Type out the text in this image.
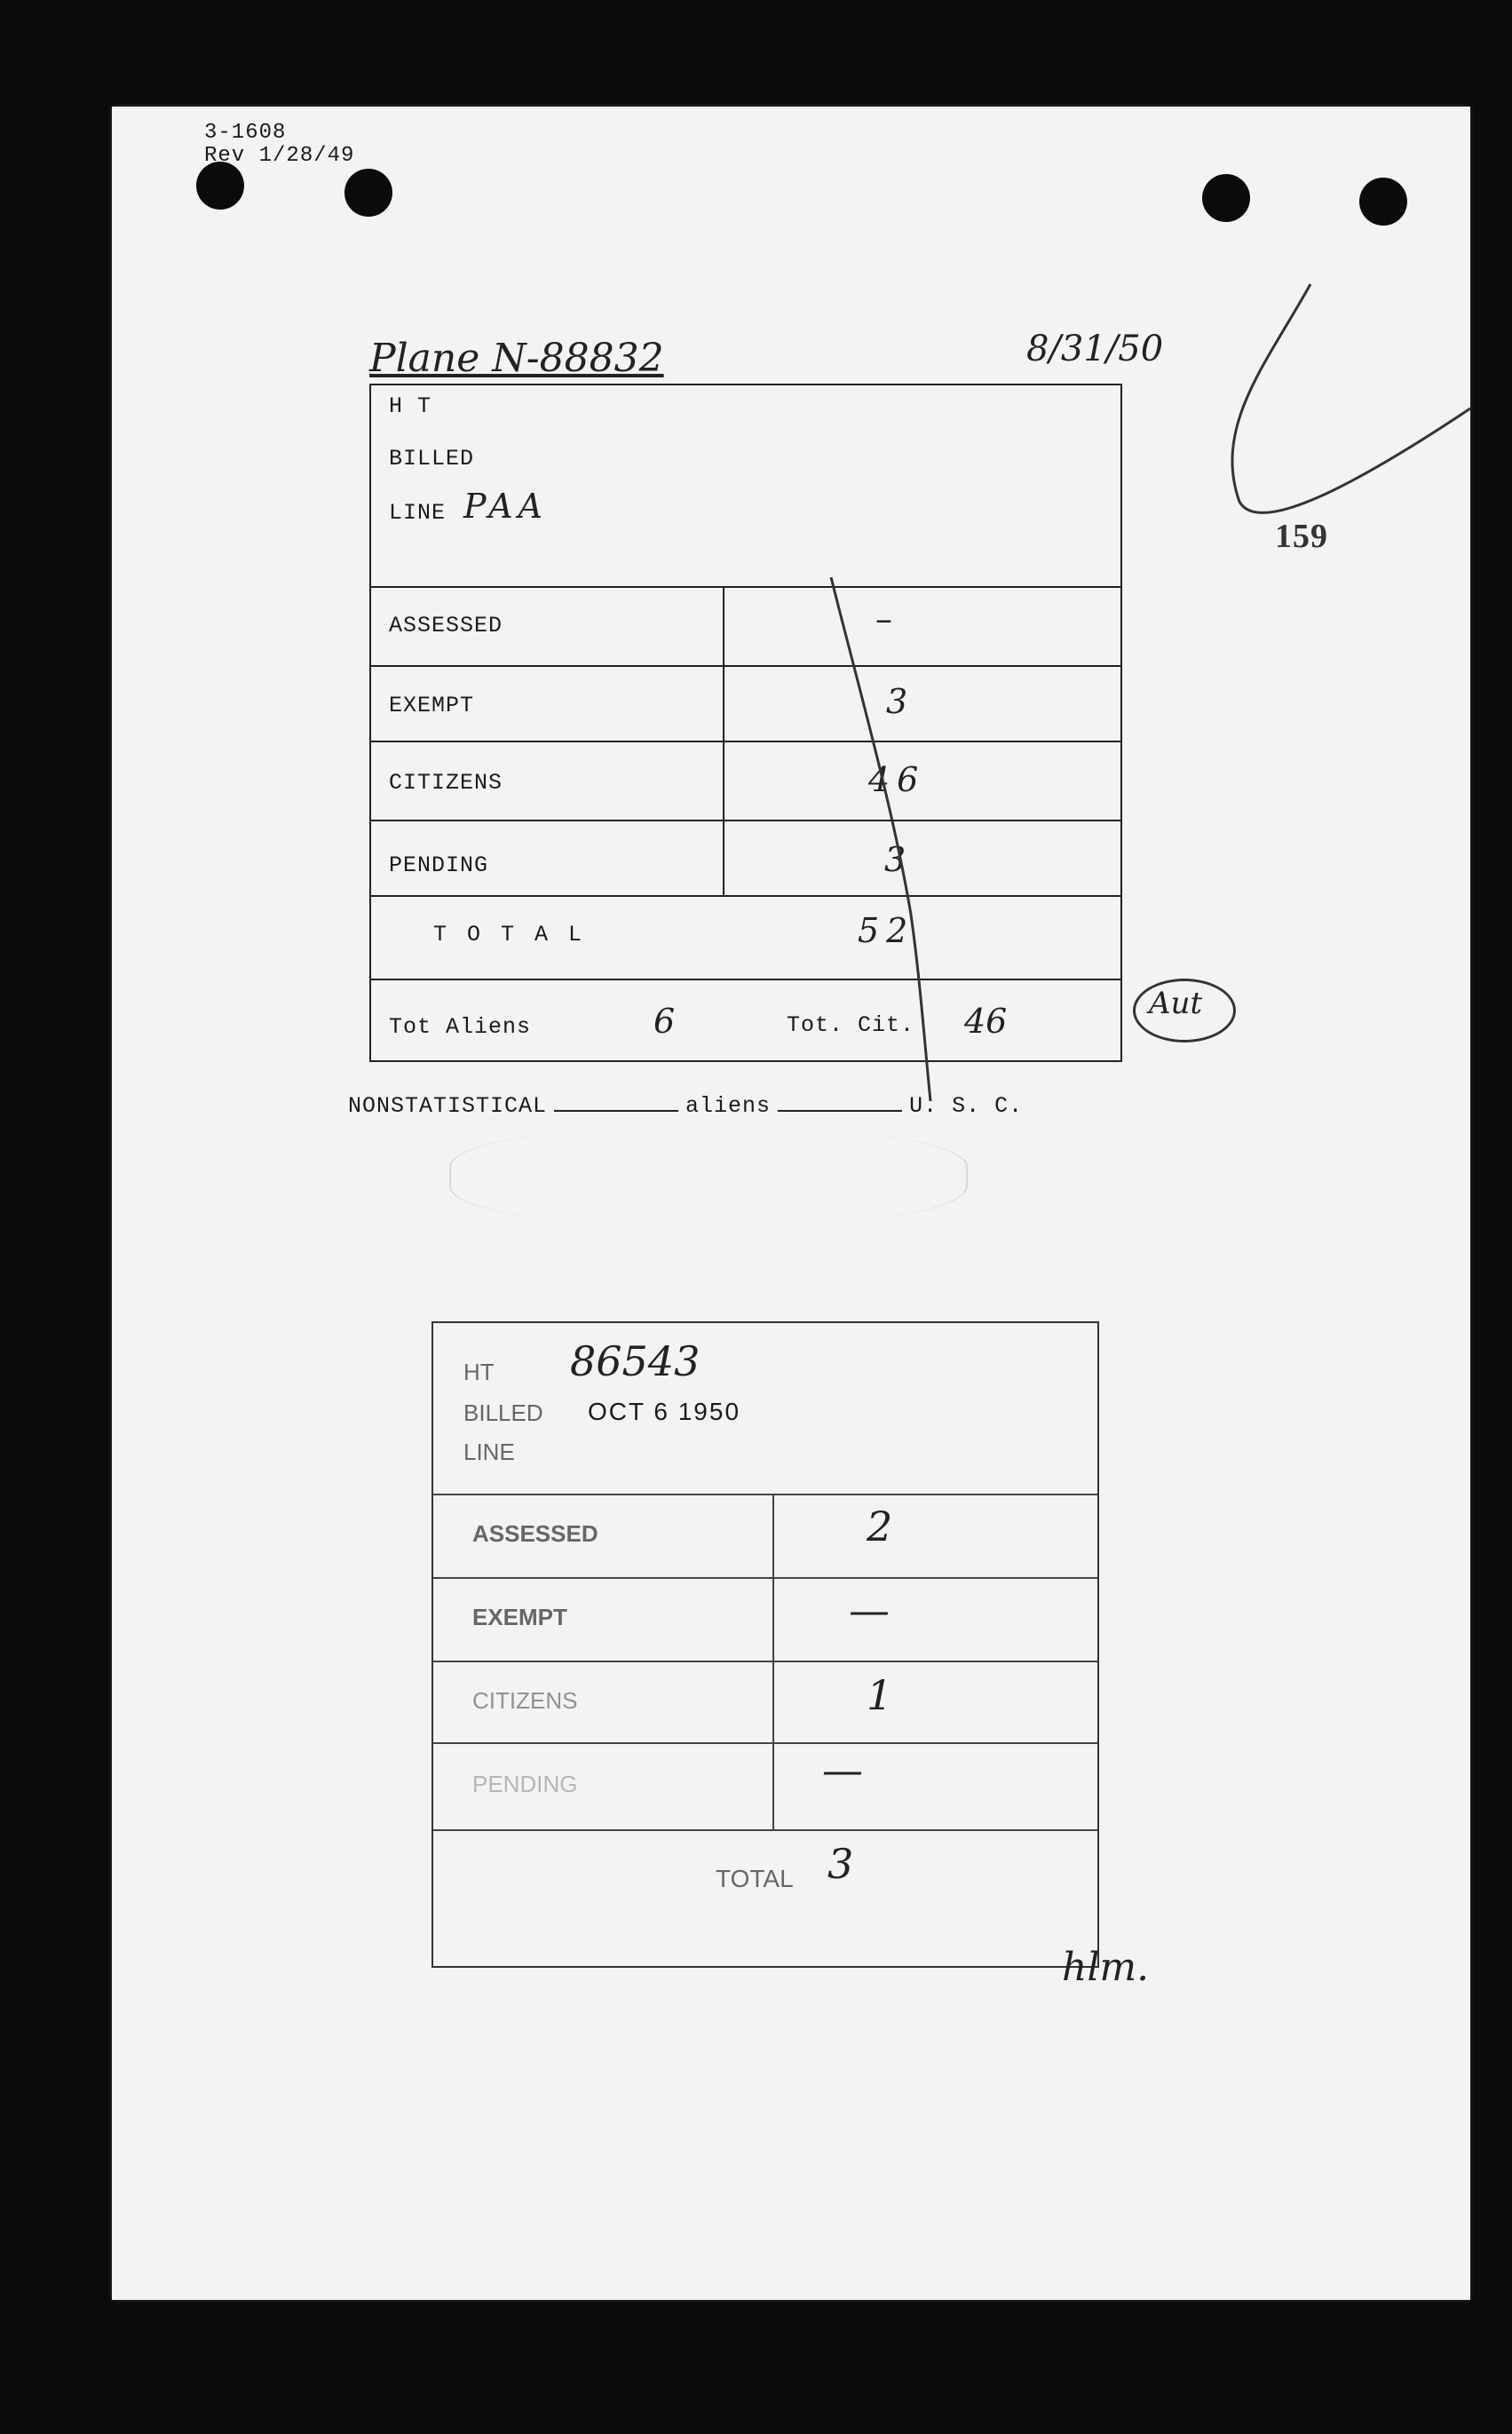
3-1608
Rev 1/28/49
Plane N-88832	8/31/50
159
H T
BILLED
LINE PAA
ASSESSED	–
EXEMPT	3
CITIZENS	46
PENDING	3
T O T A L	52
Tot Aliens	6	Tot. Cit. 46	Aut
NONSTATISTICAL	aliens	U. S. C.
HT 86543
BILLED OCT 6 1950
LINE
ASSESSED	2
EXEMPT	—
CITIZENS	1
PENDING	—
TOTAL 3
hlm.
